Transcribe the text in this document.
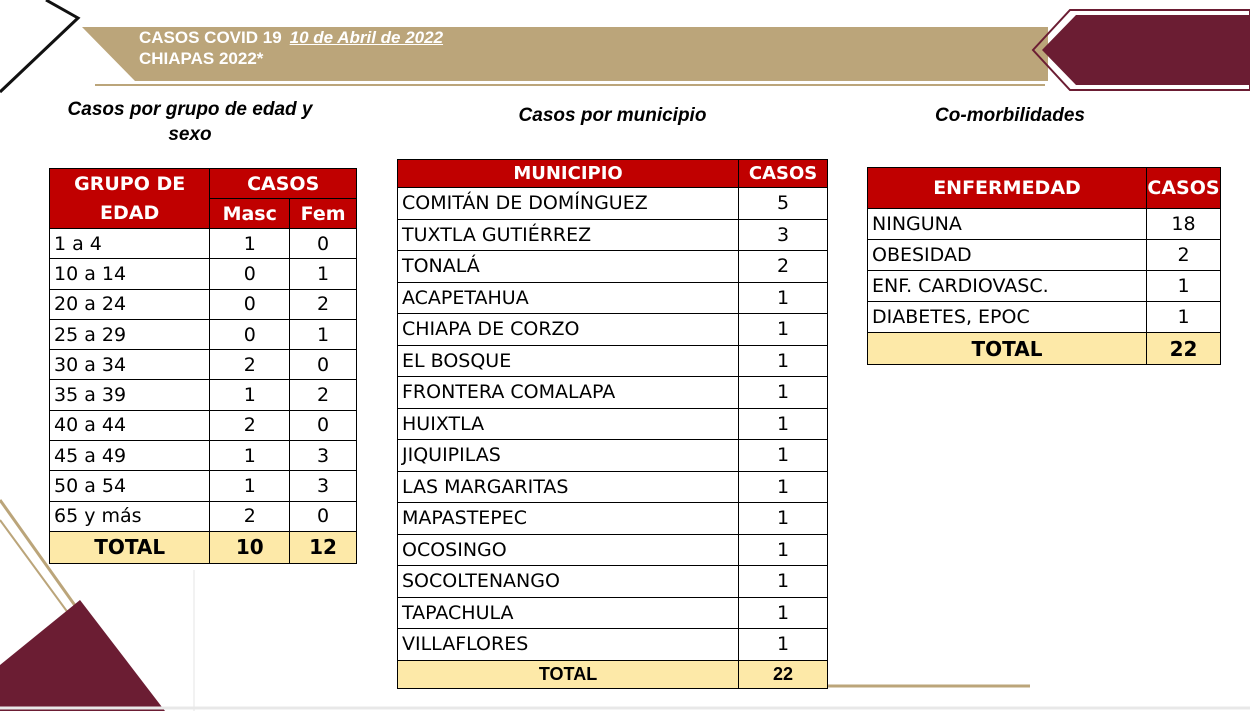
CASOS COVID 19 10 de Abril de 2022
CHIAPAS 2022*
Casos por grupo de edad y
sexo
Casos por municipio	Co-morbilidades
GRUPO DE EDAD	CASOS	
	Masc	Fem
1 a 4	1	0
10 a 14	0	1
20 a 24	0	2
25 a 29	0	1
30 a 34	2	0
35 a 39	1	2
40 a 44	2	0
45 a 49	1	3
50 a 54	1	3
65 y más	2	0
TOTAL	10	12
MUNICIPIO	CASOS
COMITÁN DE DOMÍNGUEZ	5
TUXTLA GUTIÉRREZ	3
TONALÁ	2
ACAPETAHUA	1
CHIAPA DE CORZO	1
EL BOSQUE	1
FRONTERA COMALAPA	1
HUIXTLA	1
JIQUIPILAS	1
LAS MARGARITAS	1
MAPASTEPEC	1
OCOSINGO	1
SOCOLTENANGO	1
TAPACHULA	1
VILLAFLORES	1
TOTAL	22
ENFERMEDAD	CASOS
NINGUNA	18
OBESIDAD	2
ENF. CARDIOVASC.	1
DIABETES, EPOC	1
TOTAL	22
